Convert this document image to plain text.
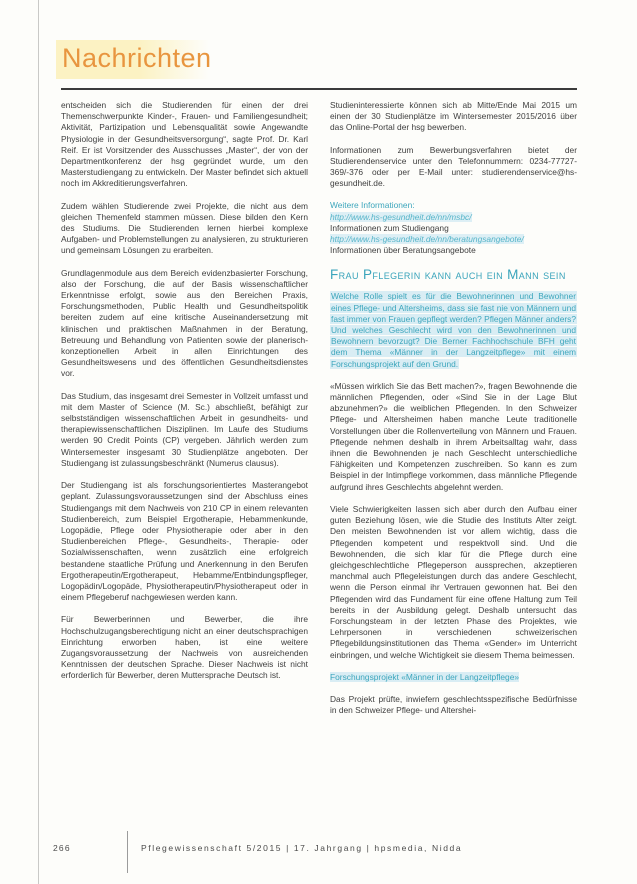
Nachrichten

entscheiden sich die Studierenden für einen der drei Themenschwerpunkte Kinder-, Frauen- und Familiengesundheit; Aktivität, Partizipation und Lebensqualität sowie Angewandte Physiologie in der Gesundheitsversorgung“, sagte Prof. Dr. Karl Reif. Er ist Vorsitzender des Ausschusses „Master“, der von der Departmentkonferenz der hsg gegründet wurde, um den Masterstudiengang zu entwickeln. Der Master befindet sich aktuell noch im Akkreditierungsverfahren.

Zudem wählen Studierende zwei Projekte, die nicht aus dem gleichen Themenfeld stammen müssen. Diese bilden den Kern des Studiums. Die Studierenden lernen hierbei komplexe Aufgaben- und Problemstellungen zu analysieren, zu strukturieren und gemeinsam Lösungen zu erarbeiten.

Grundlagenmodule aus dem Bereich evidenzbasierter Forschung, also der Forschung, die auf der Basis wissenschaftlicher Erkenntnisse erfolgt, sowie aus den Bereichen Praxis, Forschungsmethoden, Public Health und Gesundheitspolitik bereiten zudem auf eine kritische Auseinandersetzung mit klinischen und praktischen Maßnahmen in der Beratung, Betreuung und Behandlung von Patienten sowie der planerisch-konzeptionellen Arbeit in allen Einrichtungen des Gesundheitswesens und des öffentlichen Gesundheitsdienstes vor.

Das Studium, das insgesamt drei Semester in Vollzeit umfasst und mit dem Master of Science (M. Sc.) abschließt, befähigt zur selbstständigen wissenschaftlichen Arbeit in gesundheits- und therapiewissenschaftlichen Disziplinen. Im Laufe des Studiums werden 90 Credit Points (CP) vergeben. Jährlich werden zum Wintersemester insgesamt 30 Studienplätze angeboten. Der Studiengang ist zulassungsbeschränkt (Numerus clausus).

Der Studiengang ist als forschungsorientiertes Masterangebot geplant. Zulassungsvoraussetzungen sind der Abschluss eines Studiengangs mit dem Nachweis von 210 CP in einem relevanten Studienbereich, zum Beispiel Ergotherapie, Hebammenkunde, Logopädie, Pflege oder Physiotherapie oder aber in den Studienbereichen Pflege-, Gesundheits-, Therapie- oder Sozialwissenschaften, wenn zusätzlich eine erfolgreich bestandene staatliche Prüfung und Anerkennung in den Berufen Ergotherapeutin/Ergotherapeut, Hebamme/Entbindungspfleger, Logopädin/Logopäde, Physiotherapeutin/Physiotherapeut oder in einem Pflegeberuf nachgewiesen werden kann.

Für Bewerberinnen und Bewerber, die ihre Hochschulzugangsberechtigung nicht an einer deutschsprachigen Einrichtung erworben haben, ist eine weitere Zugangsvoraussetzung der Nachweis von ausreichenden Kenntnissen der deutschen Sprache. Dieser Nachweis ist nicht erforderlich für Bewerber, deren Muttersprache Deutsch ist.

Studieninteressierte können sich ab Mitte/Ende Mai 2015 um einen der 30 Studienplätze im Wintersemester 2015/2016 über das Online-Portal der hsg bewerben.

Informationen zum Bewerbungsverfahren bietet der Studierendenservice unter den Telefonnummern: 0234-77727-369/-376 oder per E-Mail unter: studierendenservice@hs-gesundheit.de.

Weitere Informationen:
http://www.hs-gesundheit.de/nn/msbc/
Informationen zum Studiengang
http://www.hs-gesundheit.de/nn/beratungsangebote/
Informationen über Beratungsangebote
Frau Pflegerin kann auch ein Mann sein

Welche Rolle spielt es für die Bewohnerinnen und Bewohner eines Pflege- und Altersheims, dass sie fast nie von Männern und fast immer von Frauen gepflegt werden? Pflegen Männer anders? Und welches Geschlecht wird von den Bewohnerinnen und Bewohnern bevorzugt? Die Berner Fachhochschule BFH geht dem Thema «Männer in der Langzeitpflege» mit einem Forschungsprojekt auf den Grund.

«Müssen wirklich Sie das Bett machen?», fragen Bewohnende die männlichen Pflegenden, oder «Sind Sie in der Lage Blut abzunehmen?» die weiblichen Pflegenden. In den Schweizer Pflege- und Altersheimen haben manche Leute traditionelle Vorstellungen über die Rollenverteilung von Männern und Frauen. Pflegende nehmen deshalb in ihrem Arbeitsalltag wahr, dass ihnen die Bewohnenden je nach Geschlecht unterschiedliche Fähigkeiten und Kompetenzen zuschreiben. So kann es zum Beispiel in der Intimpflege vorkommen, dass männliche Pflegende aufgrund ihres Geschlechts abgelehnt werden.

Viele Schwierigkeiten lassen sich aber durch den Aufbau einer guten Beziehung lösen, wie die Studie des Instituts Alter zeigt. Den meisten Bewohnenden ist vor allem wichtig, dass die Pflegenden kompetent und respektvoll sind. Und die Bewohnenden, die sich klar für die Pflege durch eine gleichgeschlechtliche Pflegeperson aussprechen, akzeptieren manchmal auch Pflegeleistungen durch das andere Geschlecht, wenn die Person einmal ihr Vertrauen gewonnen hat. Bei den Pflegenden wird das Fundament für eine offene Haltung zum Teil bereits in der Ausbildung gelegt. Deshalb untersucht das Forschungsteam in der letzten Phase des Projektes, wie Lehrpersonen in verschiedenen schweizerischen Pflegebildungsinstitutionen das Thema «Gender» im Unterricht einbringen, und welche Wichtigkeit sie diesem Thema beimessen.

Forschungsprojekt «Männer in der Langzeitpflege»

Das Projekt prüfte, inwiefern geschlechtsspezifische Bedürfnisse in den Schweizer Pflege- und Altershei-

266	Pflegewissenschaft 5/2015 | 17. Jahrgang | hpsmedia, Nidda
